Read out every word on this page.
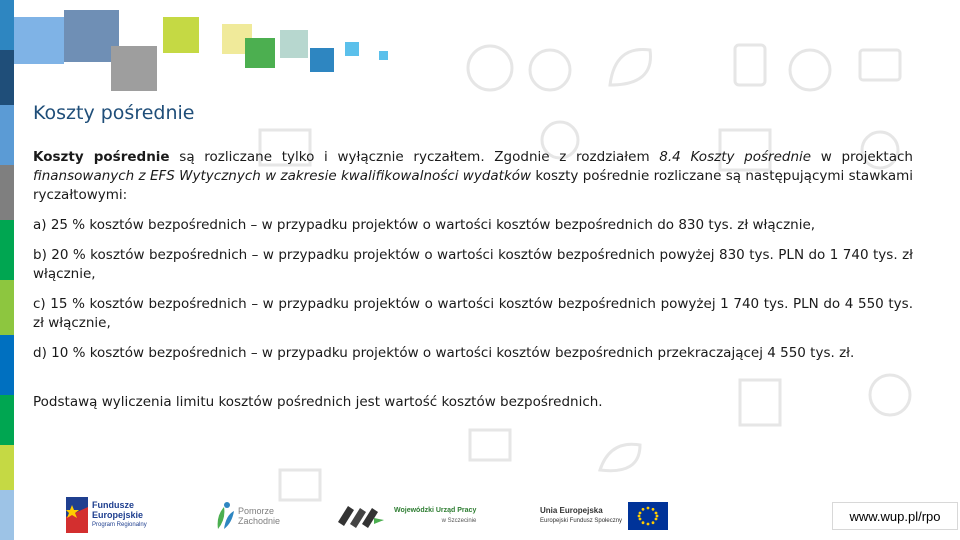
Koszty pośrednie

Koszty pośrednie są rozliczane tylko i wyłącznie ryczałtem. Zgodnie z rozdziałem 8.4 Koszty pośrednie w projektach finansowanych z EFS Wytycznych w zakresie kwalifikowalności wydatków koszty pośrednie rozliczane są następującymi stawkami ryczałtowymi:

a) 25 % kosztów bezpośrednich – w przypadku projektów o wartości kosztów bezpośrednich do 830 tys. zł włącznie,

b) 20 % kosztów bezpośrednich – w przypadku projektów o wartości kosztów bezpośrednich powyżej 830 tys. PLN do 1 740 tys. zł włącznie,

c) 15 % kosztów bezpośrednich – w przypadku projektów o wartości kosztów bezpośrednich powyżej 1 740 tys. PLN do 4 550 tys. zł włącznie,

d) 10 % kosztów bezpośrednich – w przypadku projektów o wartości kosztów bezpośrednich przekraczającej 4 550 tys. zł.

Podstawą wyliczenia limitu kosztów pośrednich jest wartość kosztów bezpośrednich.

Fundusze
Europejskie
Program Regionalny
Pomorze
Zachodnie
Wojewódzki Urząd Pracy
w Szczecinie
Unia Europejska
Europejski Fundusz Społeczny	www.wup.pl/rpo
